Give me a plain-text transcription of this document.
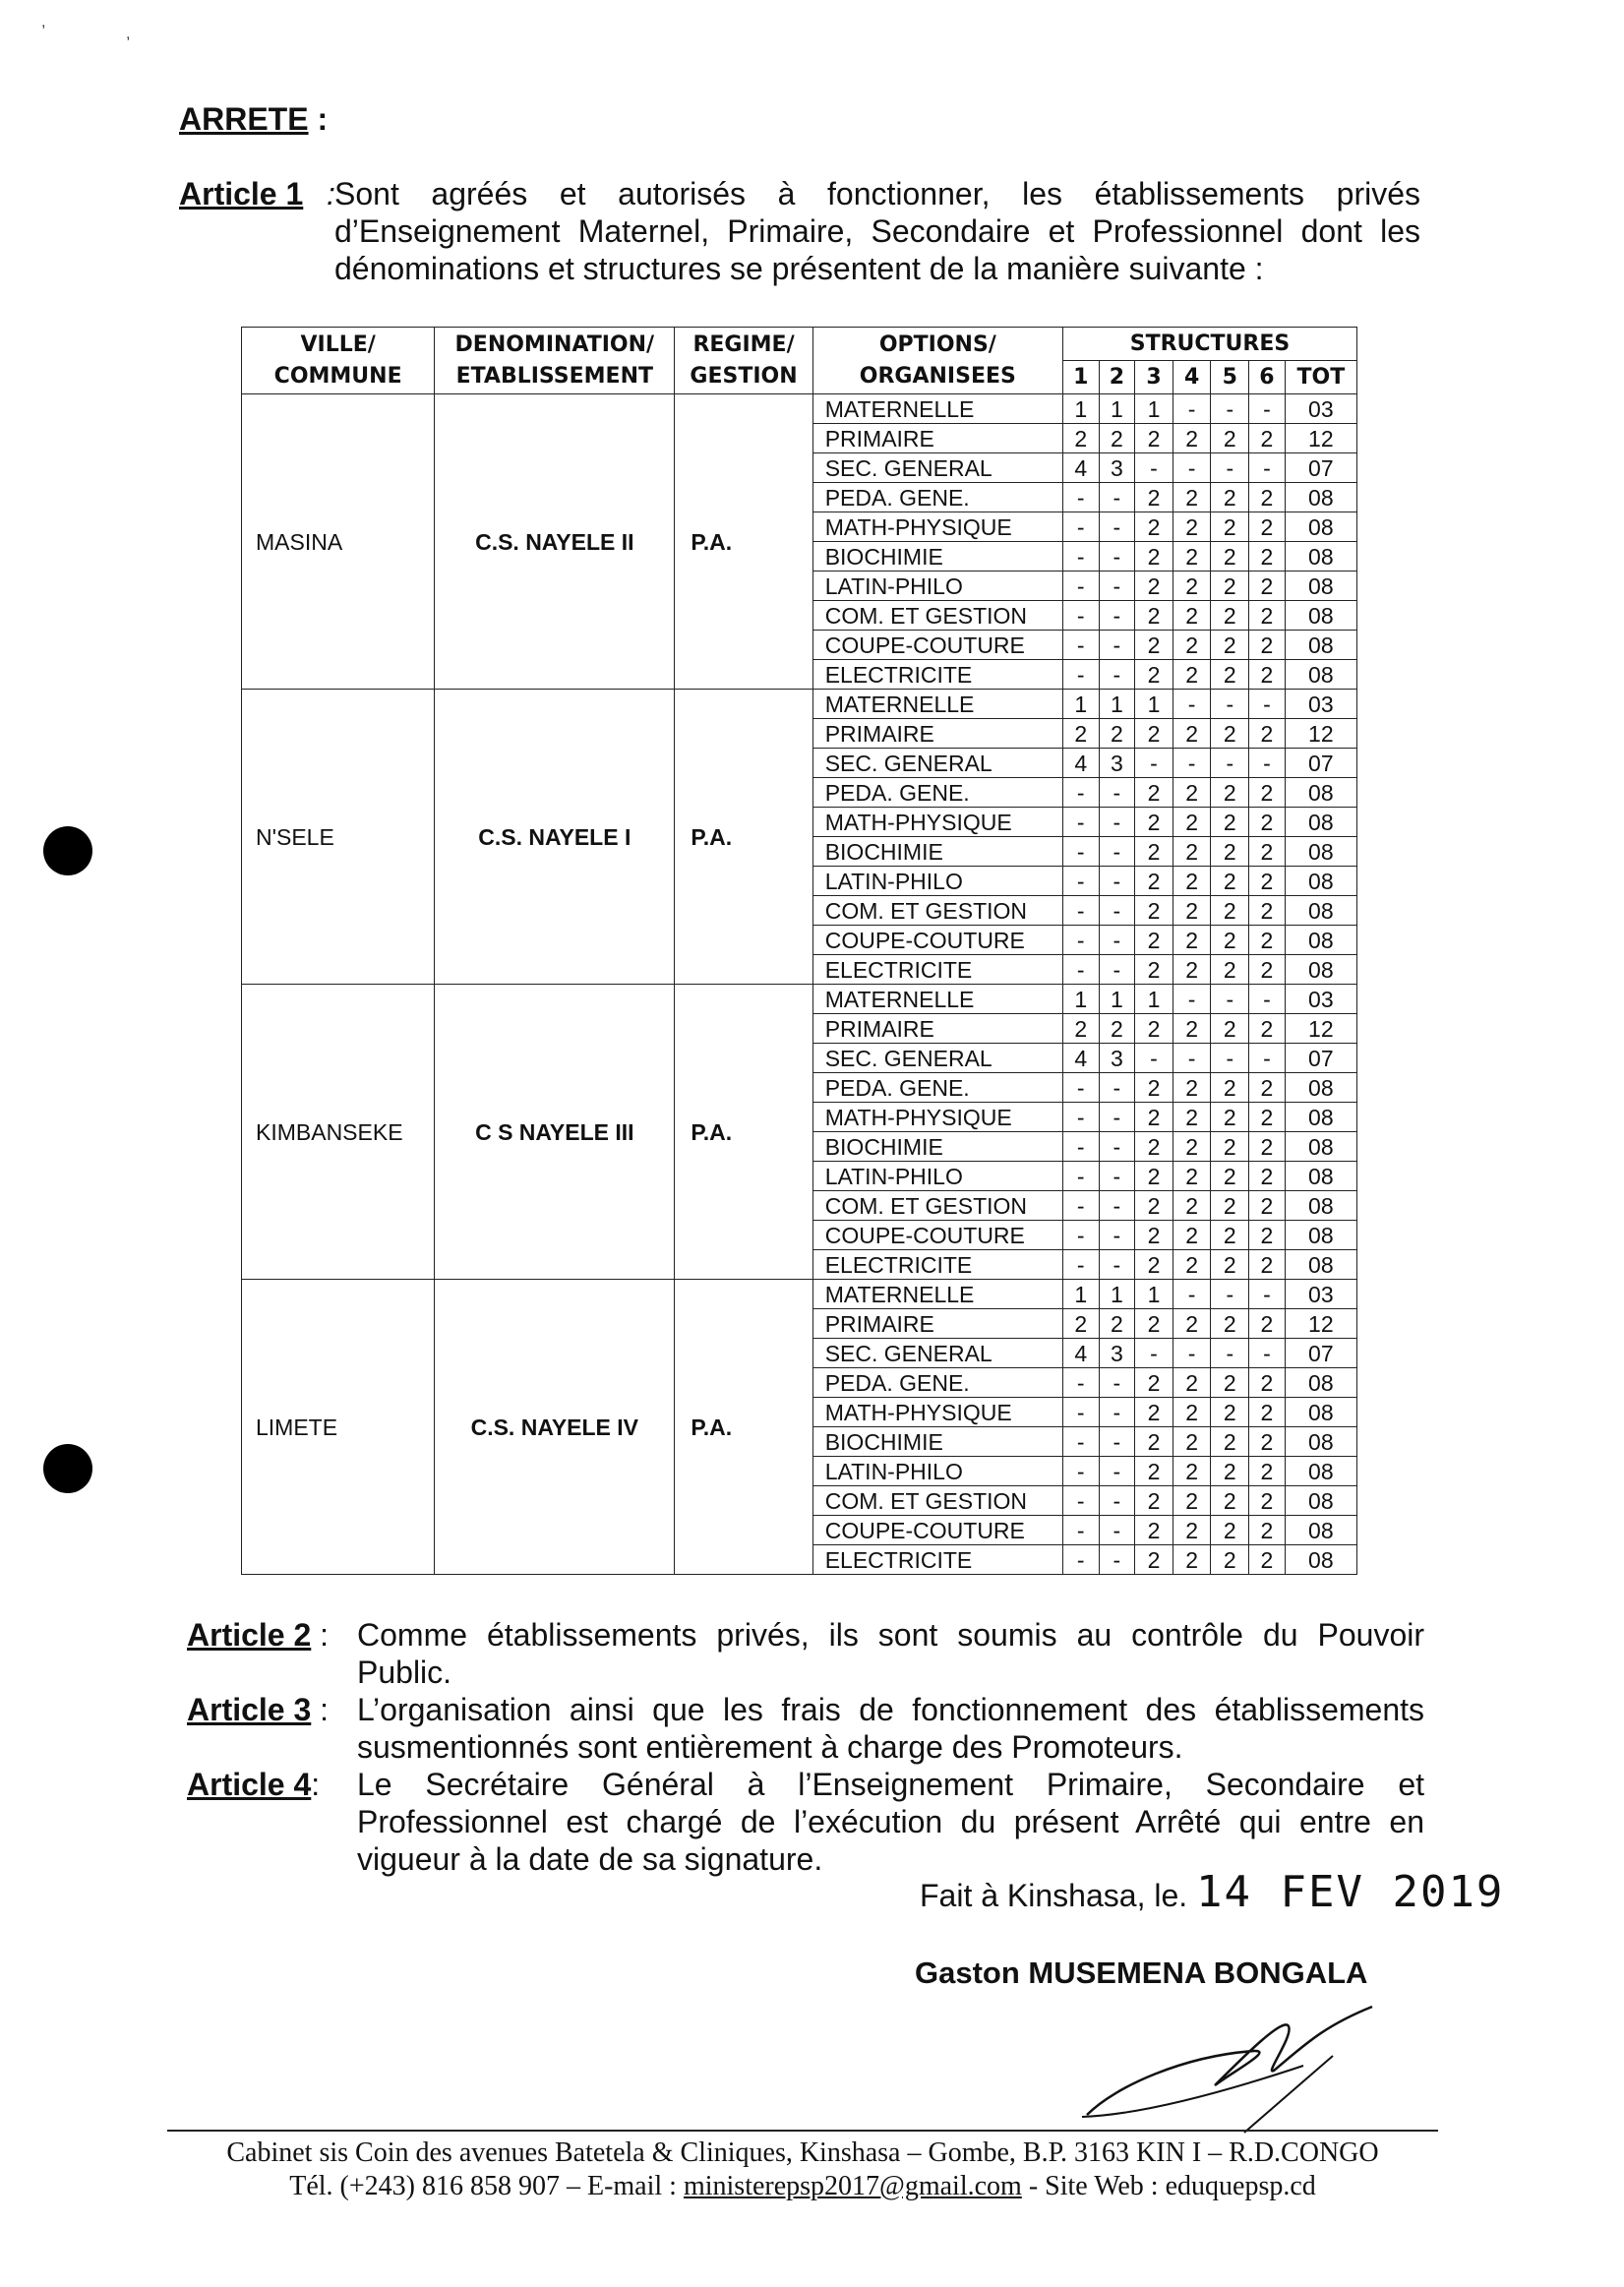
,
,
ARRETE :
Article 1 : Sont agréés et autorisés à fonctionner, les établissements privés d’Enseignement Maternel, Primaire, Secondaire et Professionnel dont les dénominations et structures se présentent de la manière suivante :
VILLE/ COMMUNE	DENOMINATION/ ETABLISSEMENT	REGIME/ GESTION	OPTIONS/ ORGANISEES	STRUCTURES						
				1	2	3	4	5	6	TOT
MASINA	C.S. NAYELE II	P.A.	MATERNELLE	1	1	1	-	-	-	03
			PRIMAIRE	2	2	2	2	2	2	12
			SEC. GENERAL	4	3	-	-	-	-	07
			PEDA. GENE.	-	-	2	2	2	2	08
			MATH-PHYSIQUE	-	-	2	2	2	2	08
			BIOCHIMIE	-	-	2	2	2	2	08
			LATIN-PHILO	-	-	2	2	2	2	08
			COM. ET GESTION	-	-	2	2	2	2	08
			COUPE-COUTURE	-	-	2	2	2	2	08
			ELECTRICITE	-	-	2	2	2	2	08
N'SELE	C.S. NAYELE I	P.A.	MATERNELLE	1	1	1	-	-	-	03
			PRIMAIRE	2	2	2	2	2	2	12
			SEC. GENERAL	4	3	-	-	-	-	07
			PEDA. GENE.	-	-	2	2	2	2	08
			MATH-PHYSIQUE	-	-	2	2	2	2	08
			BIOCHIMIE	-	-	2	2	2	2	08
			LATIN-PHILO	-	-	2	2	2	2	08
			COM. ET GESTION	-	-	2	2	2	2	08
			COUPE-COUTURE	-	-	2	2	2	2	08
			ELECTRICITE	-	-	2	2	2	2	08
KIMBANSEKE	C S NAYELE III	P.A.	MATERNELLE	1	1	1	-	-	-	03
			PRIMAIRE	2	2	2	2	2	2	12
			SEC. GENERAL	4	3	-	-	-	-	07
			PEDA. GENE.	-	-	2	2	2	2	08
			MATH-PHYSIQUE	-	-	2	2	2	2	08
			BIOCHIMIE	-	-	2	2	2	2	08
			LATIN-PHILO	-	-	2	2	2	2	08
			COM. ET GESTION	-	-	2	2	2	2	08
			COUPE-COUTURE	-	-	2	2	2	2	08
			ELECTRICITE	-	-	2	2	2	2	08
LIMETE	C.S. NAYELE IV	P.A.	MATERNELLE	1	1	1	-	-	-	03
			PRIMAIRE	2	2	2	2	2	2	12
			SEC. GENERAL	4	3	-	-	-	-	07
			PEDA. GENE.	-	-	2	2	2	2	08
			MATH-PHYSIQUE	-	-	2	2	2	2	08
			BIOCHIMIE	-	-	2	2	2	2	08
			LATIN-PHILO	-	-	2	2	2	2	08
			COM. ET GESTION	-	-	2	2	2	2	08
			COUPE-COUTURE	-	-	2	2	2	2	08
			ELECTRICITE	-	-	2	2	2	2	08
Article 2 : Comme établissements privés, ils sont soumis au contrôle du Pouvoir Public.
Article 3 : L’organisation ainsi que les frais de fonctionnement des établissements susmentionnés sont entièrement à charge des Promoteurs.
Article 4: Le Secrétaire Général à l’Enseignement Primaire, Secondaire et Professionnel est chargé de l’exécution du présent Arrêté qui entre en vigueur à la date de sa signature.
Fait à Kinshasa, le. 14 FEV 2019
Gaston MUSEMENA BONGALA
Cabinet sis Coin des avenues Batetela & Cliniques, Kinshasa – Gombe, B.P. 3163 KIN I – R.D.CONGO
Tél. (+243) 816 858 907 – E-mail : ministerepsp2017@gmail.com - Site Web : eduquepsp.cd
